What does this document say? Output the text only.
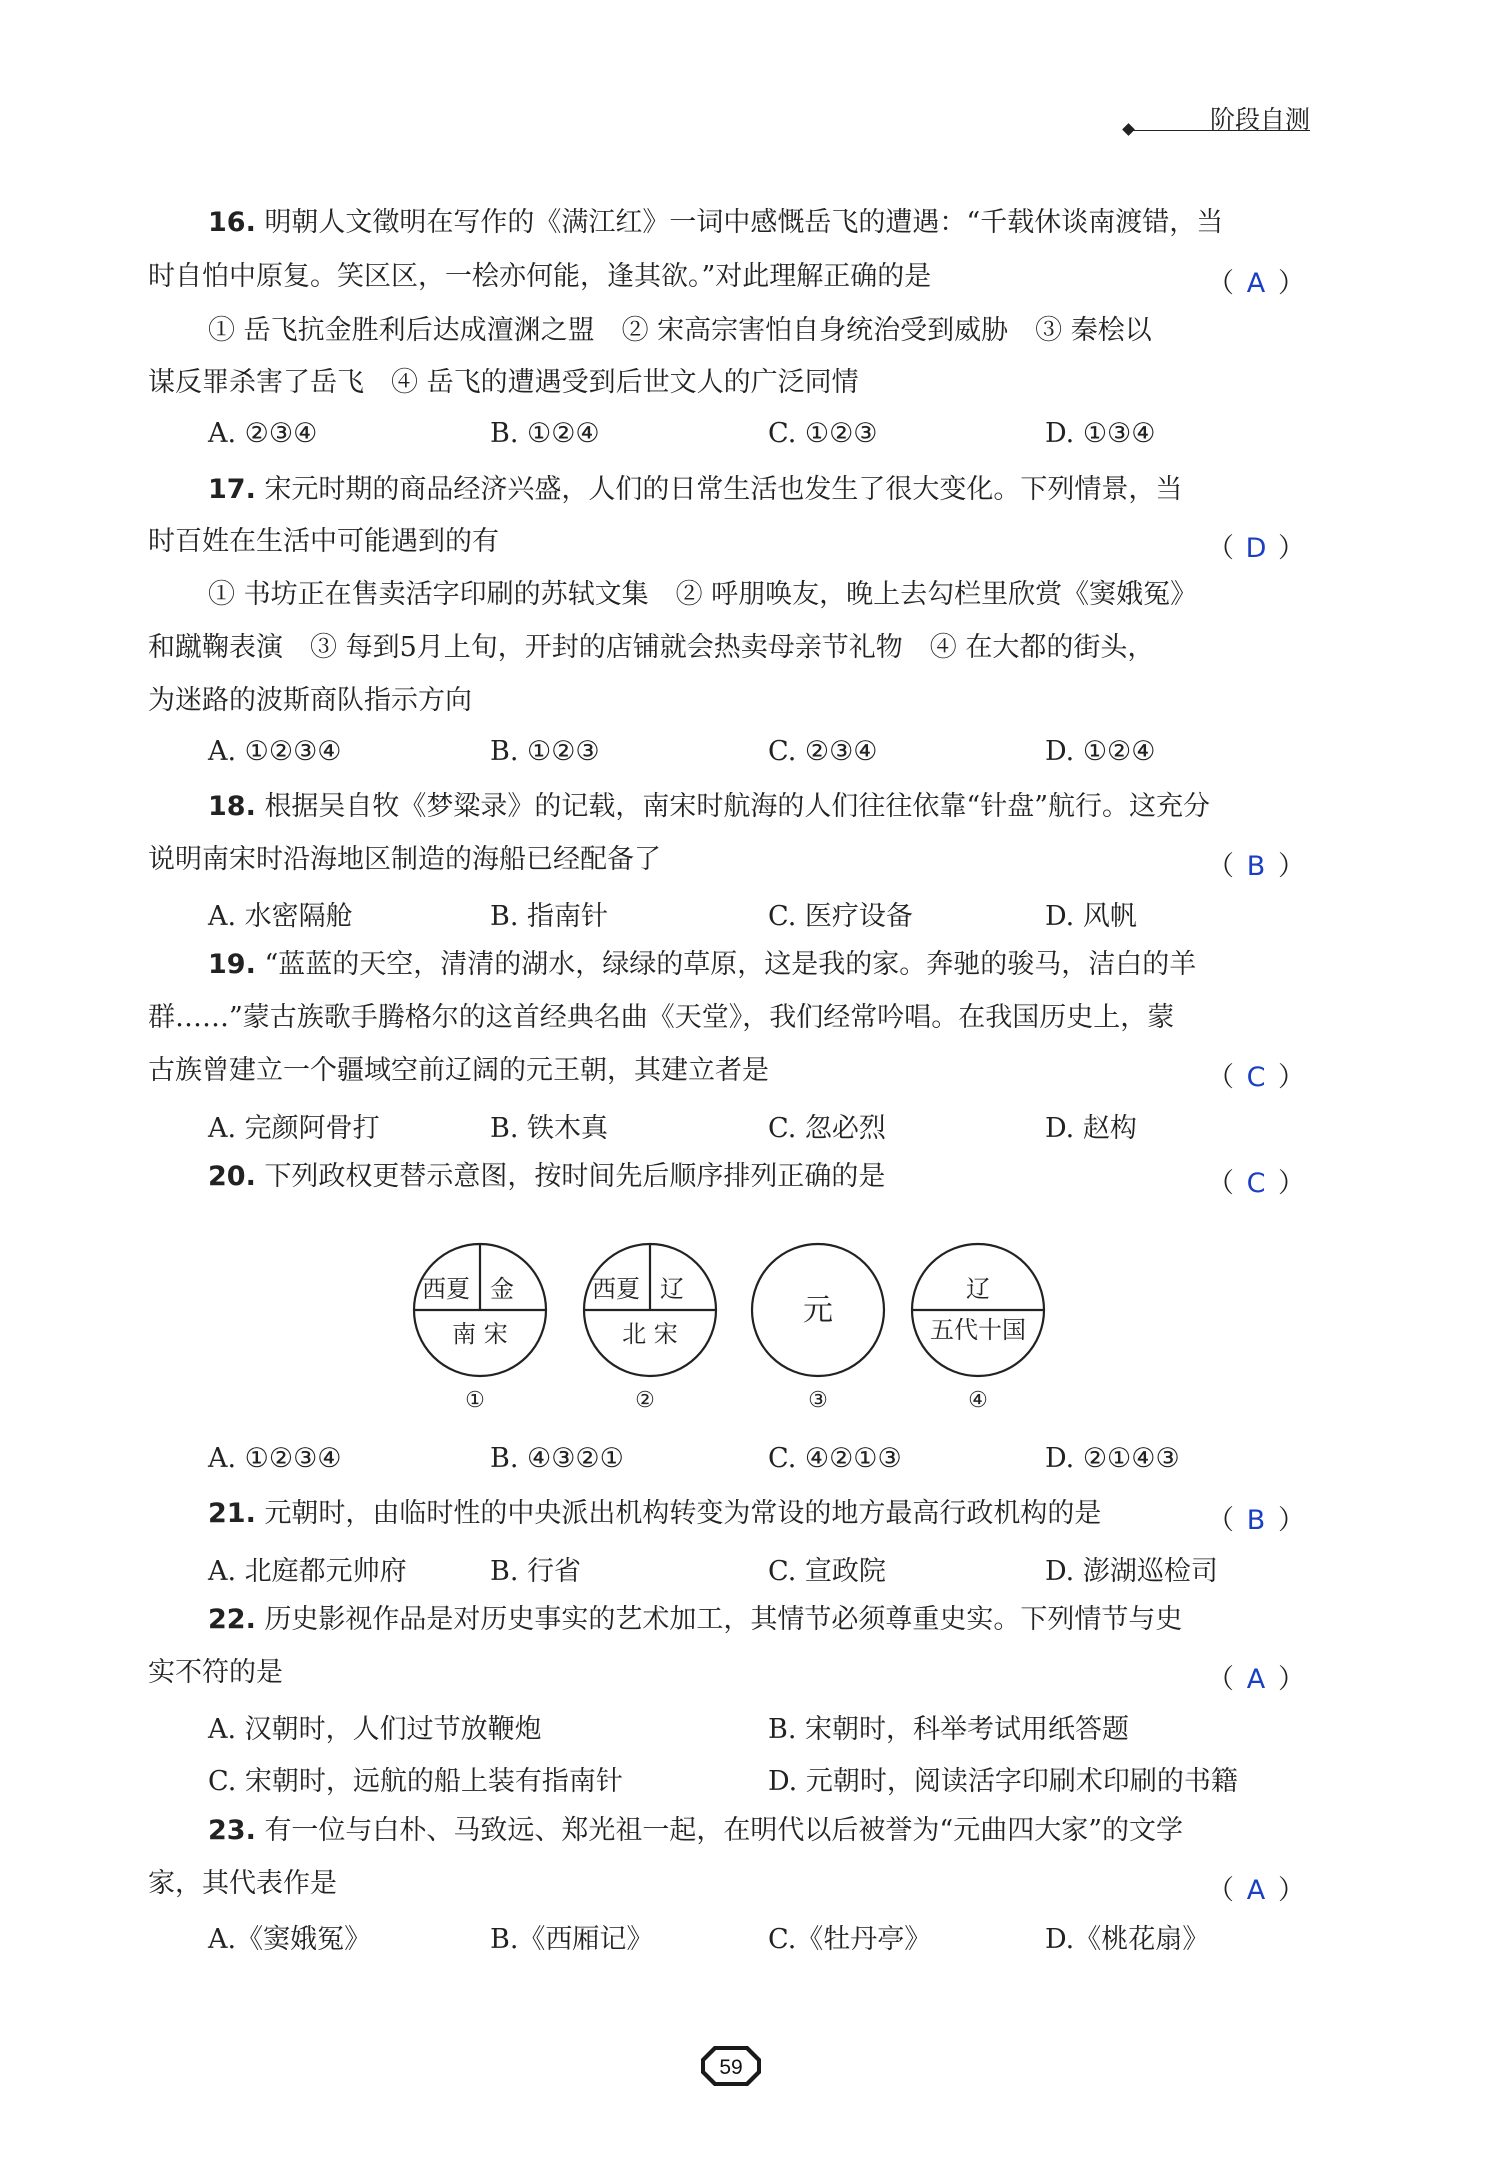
阶段自测
16. 明朝人文徵明在写作的《满江红》一词中感慨岳飞的遭遇：“千载休谈南渡错，当
时自怕中原复。笑区区，一桧亦何能，逢其欲。”对此理解正确的是	（ A ）
① 岳飞抗金胜利后达成澶渊之盟　② 宋高宗害怕自身统治受到威胁　③ 秦桧以
谋反罪杀害了岳飞　④ 岳飞的遭遇受到后世文人的广泛同情
A. ②③④	B. ①②④	C. ①②③	D. ①③④
17. 宋元时期的商品经济兴盛，人们的日常生活也发生了很大变化。下列情景，当
时百姓在生活中可能遇到的有	（ D ）
① 书坊正在售卖活字印刷的苏轼文集　② 呼朋唤友，晚上去勾栏里欣赏《窦娥冤》
和蹴鞠表演　③ 每到5月上旬，开封的店铺就会热卖母亲节礼物　④ 在大都的街头，
为迷路的波斯商队指示方向
A. ①②③④	B. ①②③	C. ②③④	D. ①②④
18. 根据吴自牧《梦粱录》的记载，南宋时航海的人们往往依靠“针盘”航行。这充分
说明南宋时沿海地区制造的海船已经配备了	（ B ）
A. 水密隔舱	B. 指南针	C. 医疗设备	D. 风帆
19. “蓝蓝的天空，清清的湖水，绿绿的草原，这是我的家。奔驰的骏马，洁白的羊
群……”蒙古族歌手腾格尔的这首经典名曲《天堂》，我们经常吟唱。在我国历史上，蒙
古族曾建立一个疆域空前辽阔的元王朝，其建立者是	（ C ）
A. 完颜阿骨打	B. 铁木真	C. 忽必烈	D. 赵构
20. 下列政权更替示意图，按时间先后顺序排列正确的是	（ C ）
西夏 金
南 宋
①
西夏 辽
北 宋
②
元
③
辽
五代十国
④
A. ①②③④	B. ④③②①	C. ④②①③	D. ②①④③
21. 元朝时，由临时性的中央派出机构转变为常设的地方最高行政机构的是	（ B ）
A. 北庭都元帅府	B. 行省	C. 宣政院	D. 澎湖巡检司
22. 历史影视作品是对历史事实的艺术加工，其情节必须尊重史实。下列情节与史
实不符的是	（ A ）
A. 汉朝时，人们过节放鞭炮	B. 宋朝时，科举考试用纸答题
C. 宋朝时，远航的船上装有指南针	D. 元朝时，阅读活字印刷术印刷的书籍
23. 有一位与白朴、马致远、郑光祖一起，在明代以后被誉为“元曲四大家”的文学
家，其代表作是	（ A ）
A.《窦娥冤》	B.《西厢记》	C.《牡丹亭》	D.《桃花扇》
59
